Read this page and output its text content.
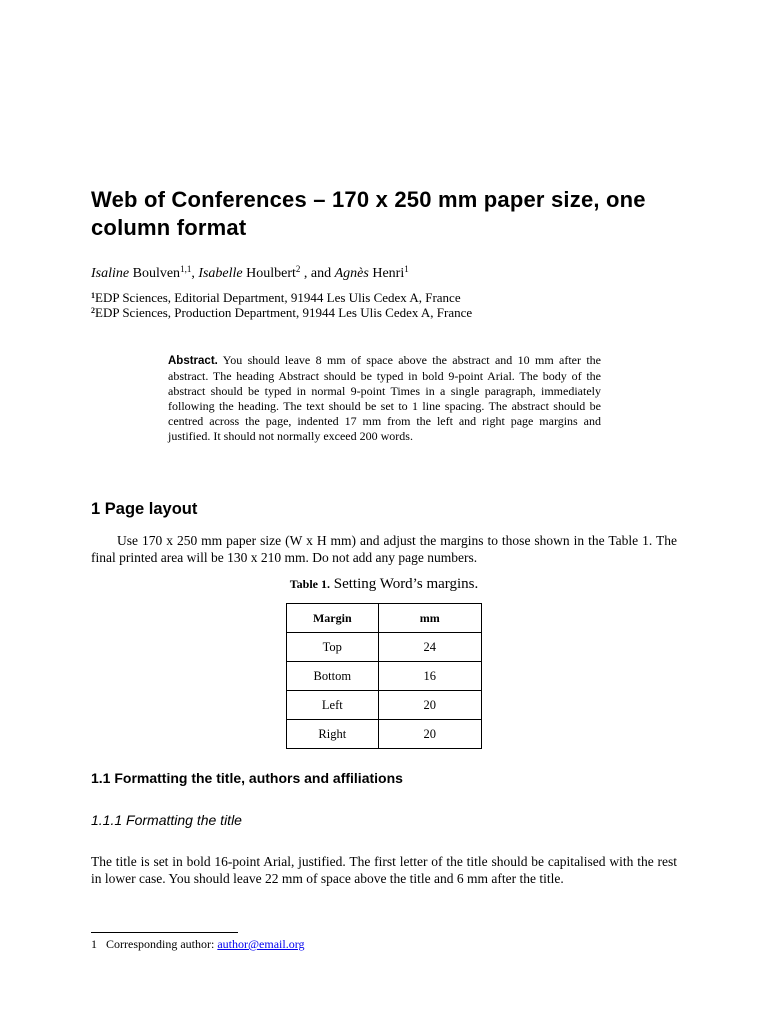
Web of Conferences – 170 x 250 mm paper size, one column format
Isaline Boulven$^{1,1}$, Isabelle Houlbert$^2$ , and Agnès Henri$^1$
$^1$EDP Sciences, Editorial Department, 91944 Les Ulis Cedex A, France
$^2$EDP Sciences, Production Department, 91944 Les Ulis Cedex A, France
Abstract. You should leave 8 mm of space above the abstract and 10 mm after the abstract. The heading Abstract should be typed in bold 9-point Arial. The body of the abstract should be typed in normal 9-point Times in a single paragraph, immediately following the heading. The text should be set to 1 line spacing. The abstract should be centred across the page, indented 17 mm from the left and right page margins and justified. It should not normally exceed 200 words.
1 Page layout
Use 170 x 250 mm paper size (W x H mm) and adjust the margins to those shown in the Table 1. The final printed area will be 130 x 210 mm. Do not add any page numbers.
Table 1. Setting Word’s margins.
Margin	mm
Top	24
Bottom	16
Left	20
Right	20
1.1 Formatting the title, authors and affiliations
1.1.1 Formatting the title
The title is set in bold 16-point Arial, justified. The first letter of the title should be capitalised with the rest in lower case. You should leave 22 mm of space above the title and 6 mm after the title.
1 Corresponding author: author@email.org
